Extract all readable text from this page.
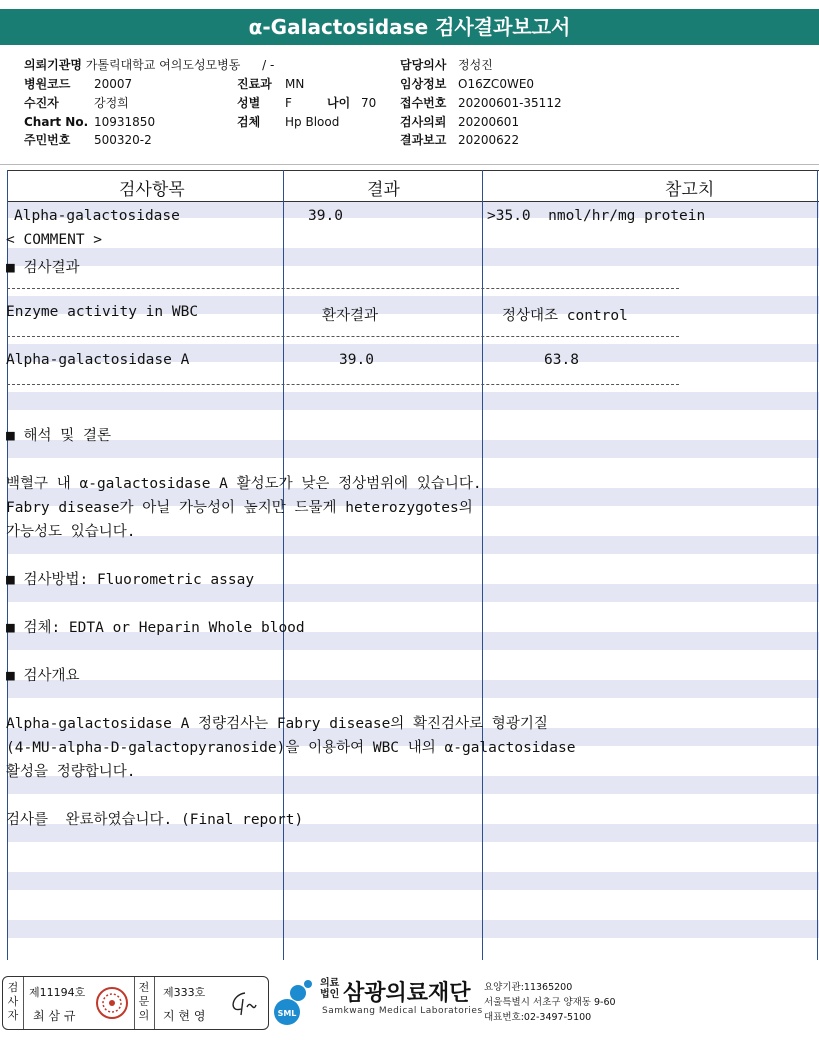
α-Galactosidase 검사결과보고서
의뢰기관명 가톨릭대학교 여의도성모병동 / -
병원코드 20007
수진자	강정희
Chart No. 10931850
주민번호 500320-2
진료과 MN
성별 F	나이 70
검체 Hp Blood
담당의사 정성진
임상정보 O16ZC0WE0
접수번호 20200601-35112
검사의뢰 20200601
결과보고 20200622
검사항목	결과	참고치
Alpha-galactosidase	39.0	>35.0  nmol/hr/mg protein
< COMMENT >
■ 검사결과
Enzyme activity in WBC	환자결과	정상대조 control
Alpha-galactosidase A	39.0	63.8
■ 해석 및 결론
백혈구 내 α-galactosidase A 활성도가 낮은 정상범위에 있습니다.
Fabry disease가 아닐 가능성이 높지만 드물게 heterozygotes의
가능성도 있습니다.
■ 검사방법: Fluorometric assay
■ 검체: EDTA or Heparin Whole blood
■ 검사개요
Alpha-galactosidase A 정량검사는 Fabry disease의 확진검사로 형광기질
(4-MU-alpha-D-galactopyranoside)을 이용하여 WBC 내의 α-galactosidase
활성을 정량합니다.
검사를  완료하였습니다. (Final report)
검사자
제11194호
최 삼 규
전문의
제333호
지 현 영	SML
의료법인 삼광의료재단
Samkwang Medical Laboratories
요양기관:11365200
서울특별시 서초구 양재동 9-60
대표번호:02-3497-5100
